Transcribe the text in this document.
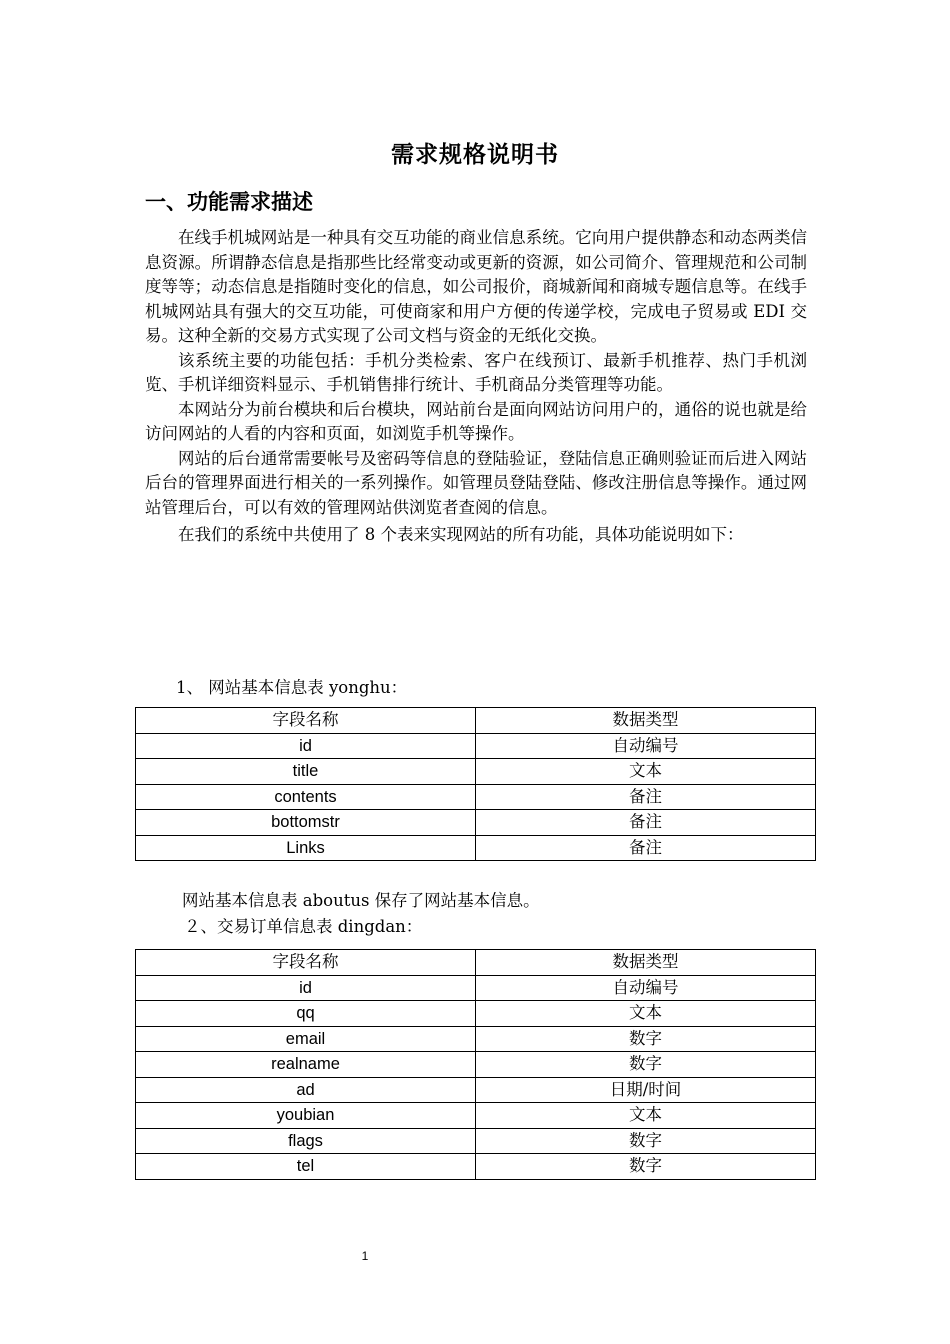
需求规格说明书
一、功能需求描述

在线手机城网站是一种具有交互功能的商业信息系统。它向用户提供静态和动态两类信息资源。所谓静态信息是指那些比经常变动或更新的资源，如公司简介、管理规范和公司制度等等；动态信息是指随时变化的信息，如公司报价，商城新闻和商城专题信息等。在线手机城网站具有强大的交互功能，可使商家和用户方便的传递学校，完成电子贸易或 EDI 交易。这种全新的交易方式实现了公司文档与资金的无纸化交换。

该系统主要的功能包括：手机分类检索、客户在线预订、最新手机推荐、热门手机浏览、手机详细资料显示、手机销售排行统计、手机商品分类管理等功能。

本网站分为前台模块和后台模块，网站前台是面向网站访问用户的，通俗的说也就是给访问网站的人看的内容和页面，如浏览手机等操作。

网站的后台通常需要帐号及密码等信息的登陆验证，登陆信息正确则验证而后进入网站后台的管理界面进行相关的一系列操作。如管理员登陆登陆、修改注册信息等操作。通过网站管理后台，可以有效的管理网站供浏览者查阅的信息。

在我们的系统中共使用了 8 个表来实现网站的所有功能，具体功能说明如下：

1、 网站基本信息表 yonghu：
字段名称	数据类型
id	自动编号
title	文本
contents	备注
bottomstr	备注
Links	备注
网站基本信息表 aboutus 保存了网站基本信息。
２、交易订单信息表 dingdan：
字段名称	数据类型
id	自动编号
qq	文本
email	数字
realname	数字
ad	日期/时间
youbian	文本
flags	数字
tel	数字
1
